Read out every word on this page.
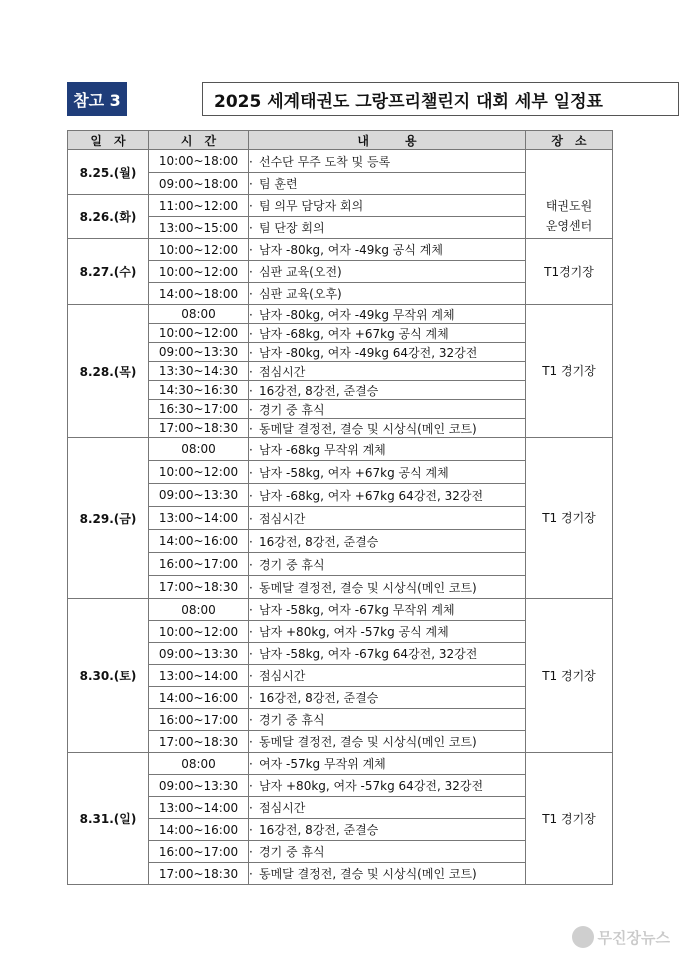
참고 3	2025 세계태권도 그랑프리챌린지 대회 세부 일정표
일　자	시　간	내　　　용	장　소
8.25.(월)	10:00~18:00	· 선수단 무주 도착 및 등록	태권도원
운영센터

	09:00~18:00	· 팀 훈련	
8.26.(화)	11:00~12:00	· 팀 의무 담당자 회의	
	13:00~15:00	· 팀 단장 회의	
8.27.(수)	10:00~12:00	· 남자 -80kg, 여자 -49kg 공식 계체	T1경기장
	10:00~12:00	· 심판 교육(오전)	
	14:00~18:00	· 심판 교육(오후)	
8.28.(목)	08:00	· 남자 -80kg, 여자 -49kg 무작위 계체	T1 경기장
	10:00~12:00	· 남자 -68kg, 여자 +67kg 공식 계체	
	09:00~13:30	· 남자 -80kg, 여자 -49kg 64강전, 32강전	
	13:30~14:30	· 점심시간	
	14:30~16:30	· 16강전, 8강전, 준결승	
	16:30~17:00	· 경기 중 휴식	
	17:00~18:30	· 동메달 결정전, 결승 및 시상식(메인 코트)	
8.29.(금)	08:00	· 남자 -68kg 무작위 계체	T1 경기장
	10:00~12:00	· 남자 -58kg, 여자 +67kg 공식 계체	
	09:00~13:30	· 남자 -68kg, 여자 +67kg 64강전, 32강전	
	13:00~14:00	· 점심시간	
	14:00~16:00	· 16강전, 8강전, 준결승	
	16:00~17:00	· 경기 중 휴식	
	17:00~18:30	· 동메달 결정전, 결승 및 시상식(메인 코트)	
8.30.(토)	08:00	· 남자 -58kg, 여자 -67kg 무작위 계체	T1 경기장
	10:00~12:00	· 남자 +80kg, 여자 -57kg 공식 계체	
	09:00~13:30	· 남자 -58kg, 여자 -67kg 64강전, 32강전	
	13:00~14:00	· 점심시간	
	14:00~16:00	· 16강전, 8강전, 준결승	
	16:00~17:00	· 경기 중 휴식	
	17:00~18:30	· 동메달 결정전, 결승 및 시상식(메인 코트)	
8.31.(일)	08:00	· 여자 -57kg 무작위 계체	T1 경기장
	09:00~13:30	· 남자 +80kg, 여자 -57kg 64강전, 32강전	
	13:00~14:00	· 점심시간	
	14:00~16:00	· 16강전, 8강전, 준결승	
	16:00~17:00	· 경기 중 휴식	
	17:00~18:30	· 동메달 결정전, 결승 및 시상식(메인 코트)	
무진장뉴스
